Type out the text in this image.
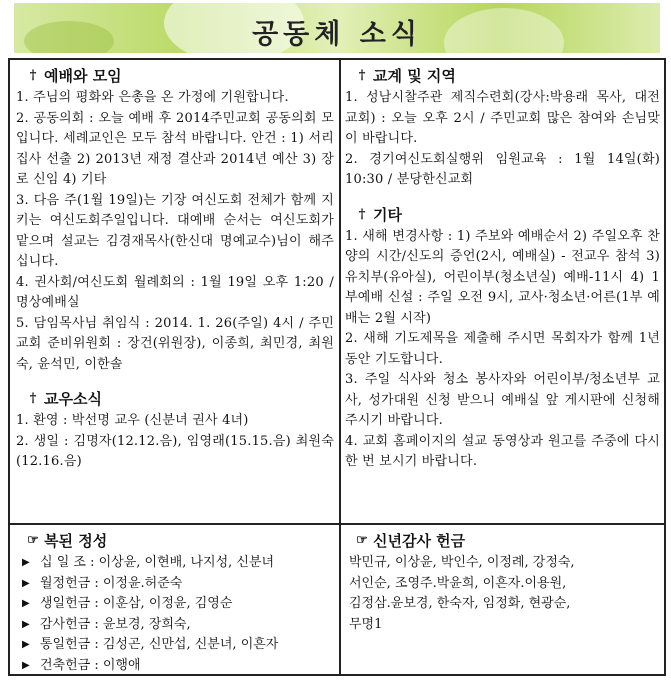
공동체 소식
† 예배와 모임
1. 주님의 평화와 은총을 온 가정에 기원합니다.
2. 공동의회 : 오늘 예배 후 2014주민교회 공동의회 모입니다. 세례교인은 모두 참석 바랍니다. 안건 : 1) 서리집사 선출 2) 2013년 재정 결산과 2014년 예산 3) 장로 신임 4) 기타
3. 다음 주(1월 19일)는 기장 여신도회 전체가 함께 지키는 여신도회주일입니다. 대예배 순서는 여신도회가 맡으며 설교는 김경재목사(한신대 명예교수)님이 해주십니다.
4. 권사회/여신도회 월례회의 : 1월 19일 오후 1:20 / 명상예배실
5. 담임목사님 취임식 : 2014. 1. 26(주일) 4시 / 주민교회 준비위원회 : 장건(위원장), 이종희, 최민경, 최원숙, 윤석민, 이한솔
† 교우소식
1. 환영 : 박선명 교우 (신분녀 권사 4녀)
2. 생일 : 김명자(12.12.음), 임영래(15.15.음) 최원숙(12.16.음)
† 교계 및 지역
1. 성남시찰주관 제직수련회(강사:박용래 목사, 대전 교회) : 오늘 오후 2시 / 주민교회 많은 참여와 손님맞이 바랍니다.
2. 경기여신도회실행위 임원교육 : 1월 14일(화) 10:30 / 분당한신교회
† 기타
1. 새해 변경사항 : 1) 주보와 예배순서 2) 주일오후 찬양의 시간/신도의 증언(2시, 예배실) - 전교우 참석 3) 유치부(유아실), 어린이부(청소년실) 예배-11시 4) 1부예배 신설 : 주일 오전 9시, 교사·청소년·어른(1부 예배는 2월 시작)
2. 새해 기도제목을 제출해 주시면 목회자가 함께 1년 동안 기도합니다.
3. 주일 식사와 청소 봉사자와 어린이부/청소년부 교사, 성가대원 신청 받으니 예배실 앞 게시판에 신청해주시기 바랍니다.
4. 교회 홈페이지의 설교 동영상과 원고를 주중에 다시 한 번 보시기 바랍니다.
☞ 복된 정성
▶ 십 일 조 : 이상윤, 이현배, 나지성, 신분녀
▶ 월정헌금 : 이정윤.허준숙
▶ 생일헌금 : 이훈삼, 이정윤, 김영순
▶ 감사헌금 : 윤보경, 장희숙,
▶ 통일헌금 : 김성곤, 신만섭, 신분녀, 이흔자
▶ 건축헌금 : 이행애
☞ 신년감사 헌금

박민규, 이상윤, 박인수, 이정례, 강정숙,

서인순, 조영주.박윤희, 이흔자.이용원,

김정삼.윤보경, 한숙자, 임정화, 현광순,

무명1
